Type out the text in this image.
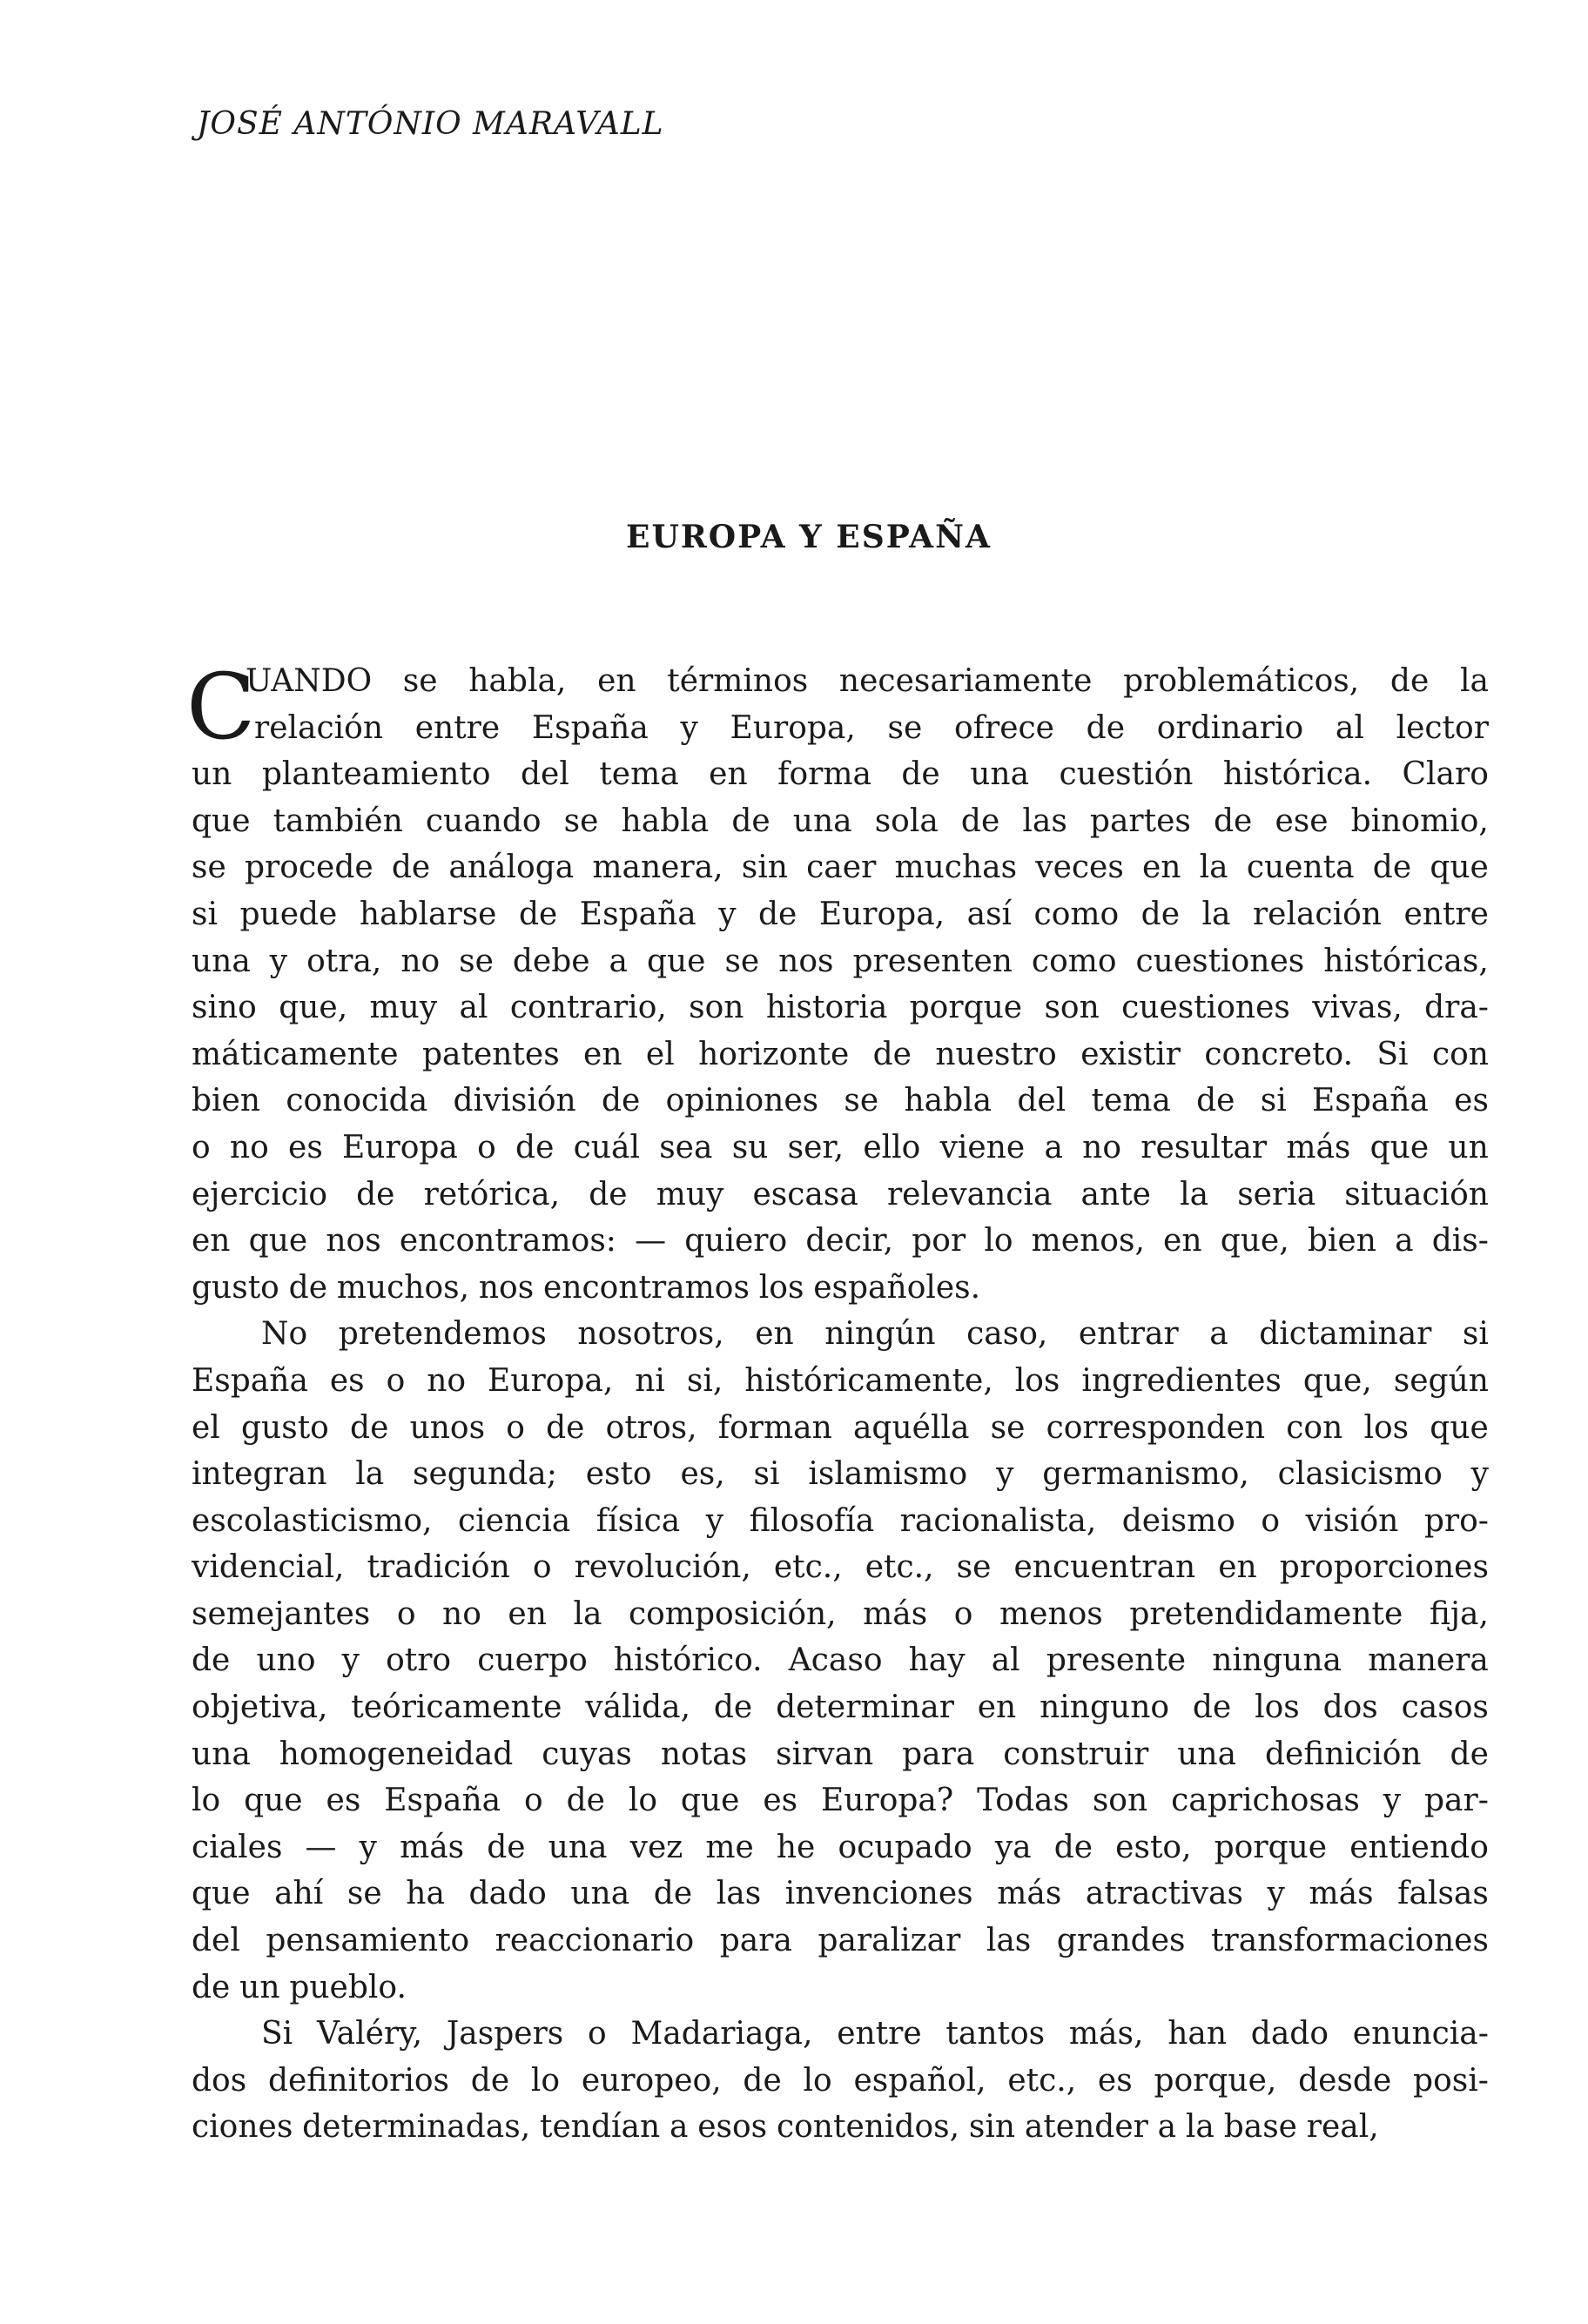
JOSÉ ANTÓNIO MARAVALL
EUROPA Y ESPAÑA
UANDO se habla, en términos necesariamente problemáticos, de la
relación entre España y Europa, se ofrece de ordinario al lector
un planteamiento del tema en forma de una cuestión histórica. Claro
que también cuando se habla de una sola de las partes de ese binomio,
se procede de análoga manera, sin caer muchas veces en la cuenta de que
si puede hablarse de España y de Europa, así como de la relación entre
una y otra, no se debe a que se nos presenten como cuestiones históricas,
sino que, muy al contrario, son historia porque son cuestiones vivas, dra-
máticamente patentes en el horizonte de nuestro existir concreto. Si con
bien conocida división de opiniones se habla del tema de si España es
o no es Europa o de cuál sea su ser, ello viene a no resultar más que un
ejercicio de retórica, de muy escasa relevancia ante la seria situación
en que nos encontramos: — quiero decir, por lo menos, en que, bien a dis-
gusto de muchos, nos encontramos los españoles.
C
No pretendemos nosotros, en ningún caso, entrar a dictaminar si
España es o no Europa, ni si, históricamente, los ingredientes que, según
el gusto de unos o de otros, forman aquélla se corresponden con los que
integran la segunda; esto es, si islamismo y germanismo, clasicismo y
escolasticismo, ciencia física y filosofía racionalista, deismo o visión pro-
videncial, tradición o revolución, etc., etc., se encuentran en proporciones
semejantes o no en la composición, más o menos pretendidamente fija,
de uno y otro cuerpo histórico. Acaso hay al presente ninguna manera
objetiva, teóricamente válida, de determinar en ninguno de los dos casos
una homogeneidad cuyas notas sirvan para construir una definición de
lo que es España o de lo que es Europa? Todas son caprichosas y par-
ciales — y más de una vez me he ocupado ya de esto, porque entiendo
que ahí se ha dado una de las invenciones más atractivas y más falsas
del pensamiento reaccionario para paralizar las grandes transformaciones
de un pueblo.
Si Valéry, Jaspers o Madariaga, entre tantos más, han dado enuncia-
dos definitorios de lo europeo, de lo español, etc., es porque, desde posi-
ciones determinadas, tendían a esos contenidos, sin atender a la base real,
